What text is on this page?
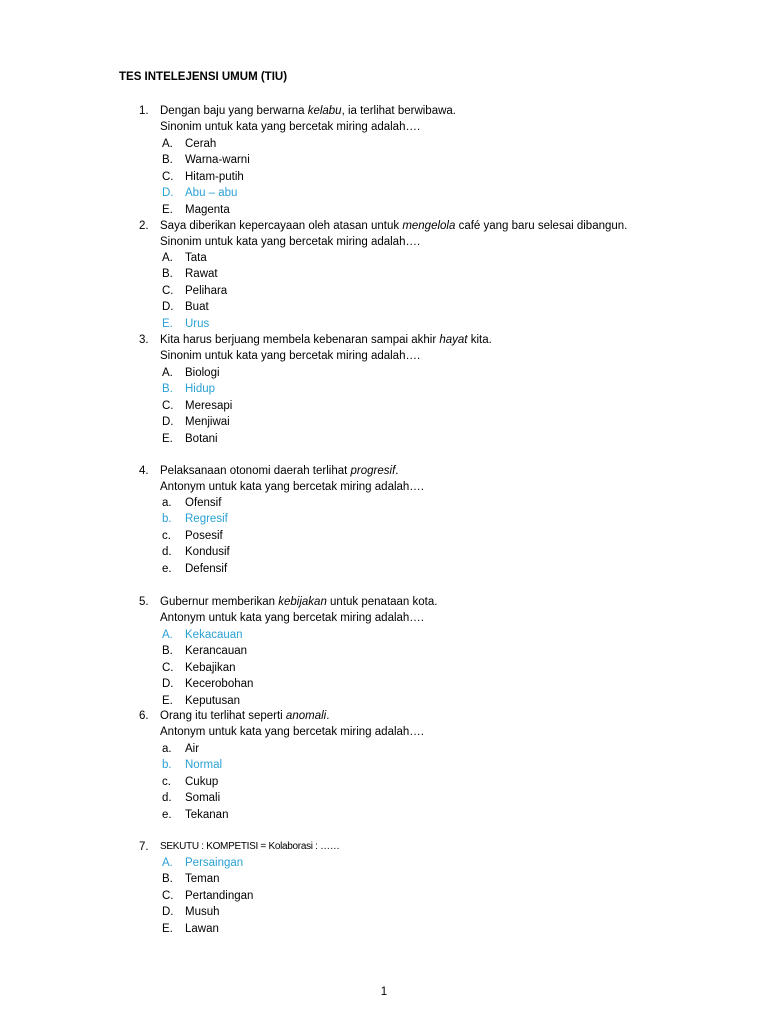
TES INTELEJENSI UMUM (TIU)
1. Dengan baju yang berwarna kelabu, ia terlihat berwibawa.
Sinonim untuk kata yang bercetak miring adalah….
A. Cerah
B. Warna-warni
C. Hitam-putih
D. Abu – abu
E. Magenta
2. Saya diberikan kepercayaan oleh atasan untuk mengelola café yang baru selesai dibangun.
Sinonim untuk kata yang bercetak miring adalah….
A. Tata
B. Rawat
C. Pelihara
D. Buat
E. Urus
3. Kita harus berjuang membela kebenaran sampai akhir hayat kita.
Sinonim untuk kata yang bercetak miring adalah….
A. Biologi
B. Hidup
C. Meresapi
D. Menjiwai
E. Botani
4. Pelaksanaan otonomi daerah terlihat progresif.
Antonym untuk kata yang bercetak miring adalah….
a. Ofensif
b. Regresif
c. Posesif
d. Kondusif
e. Defensif
5. Gubernur memberikan kebijakan untuk penataan kota.
Antonym untuk kata yang bercetak miring adalah….
A. Kekacauan
B. Kerancauan
C. Kebajikan
D. Kecerobohan
E. Keputusan
6. Orang itu terlihat seperti anomali.
Antonym untuk kata yang bercetak miring adalah….
a. Air
b. Normal
c. Cukup
d. Somali
e. Tekanan
7. SEKUTU : KOMPETISI = Kolaborasi : ……
A. Persaingan
B. Teman
C. Pertandingan
D. Musuh
E. Lawan
1
